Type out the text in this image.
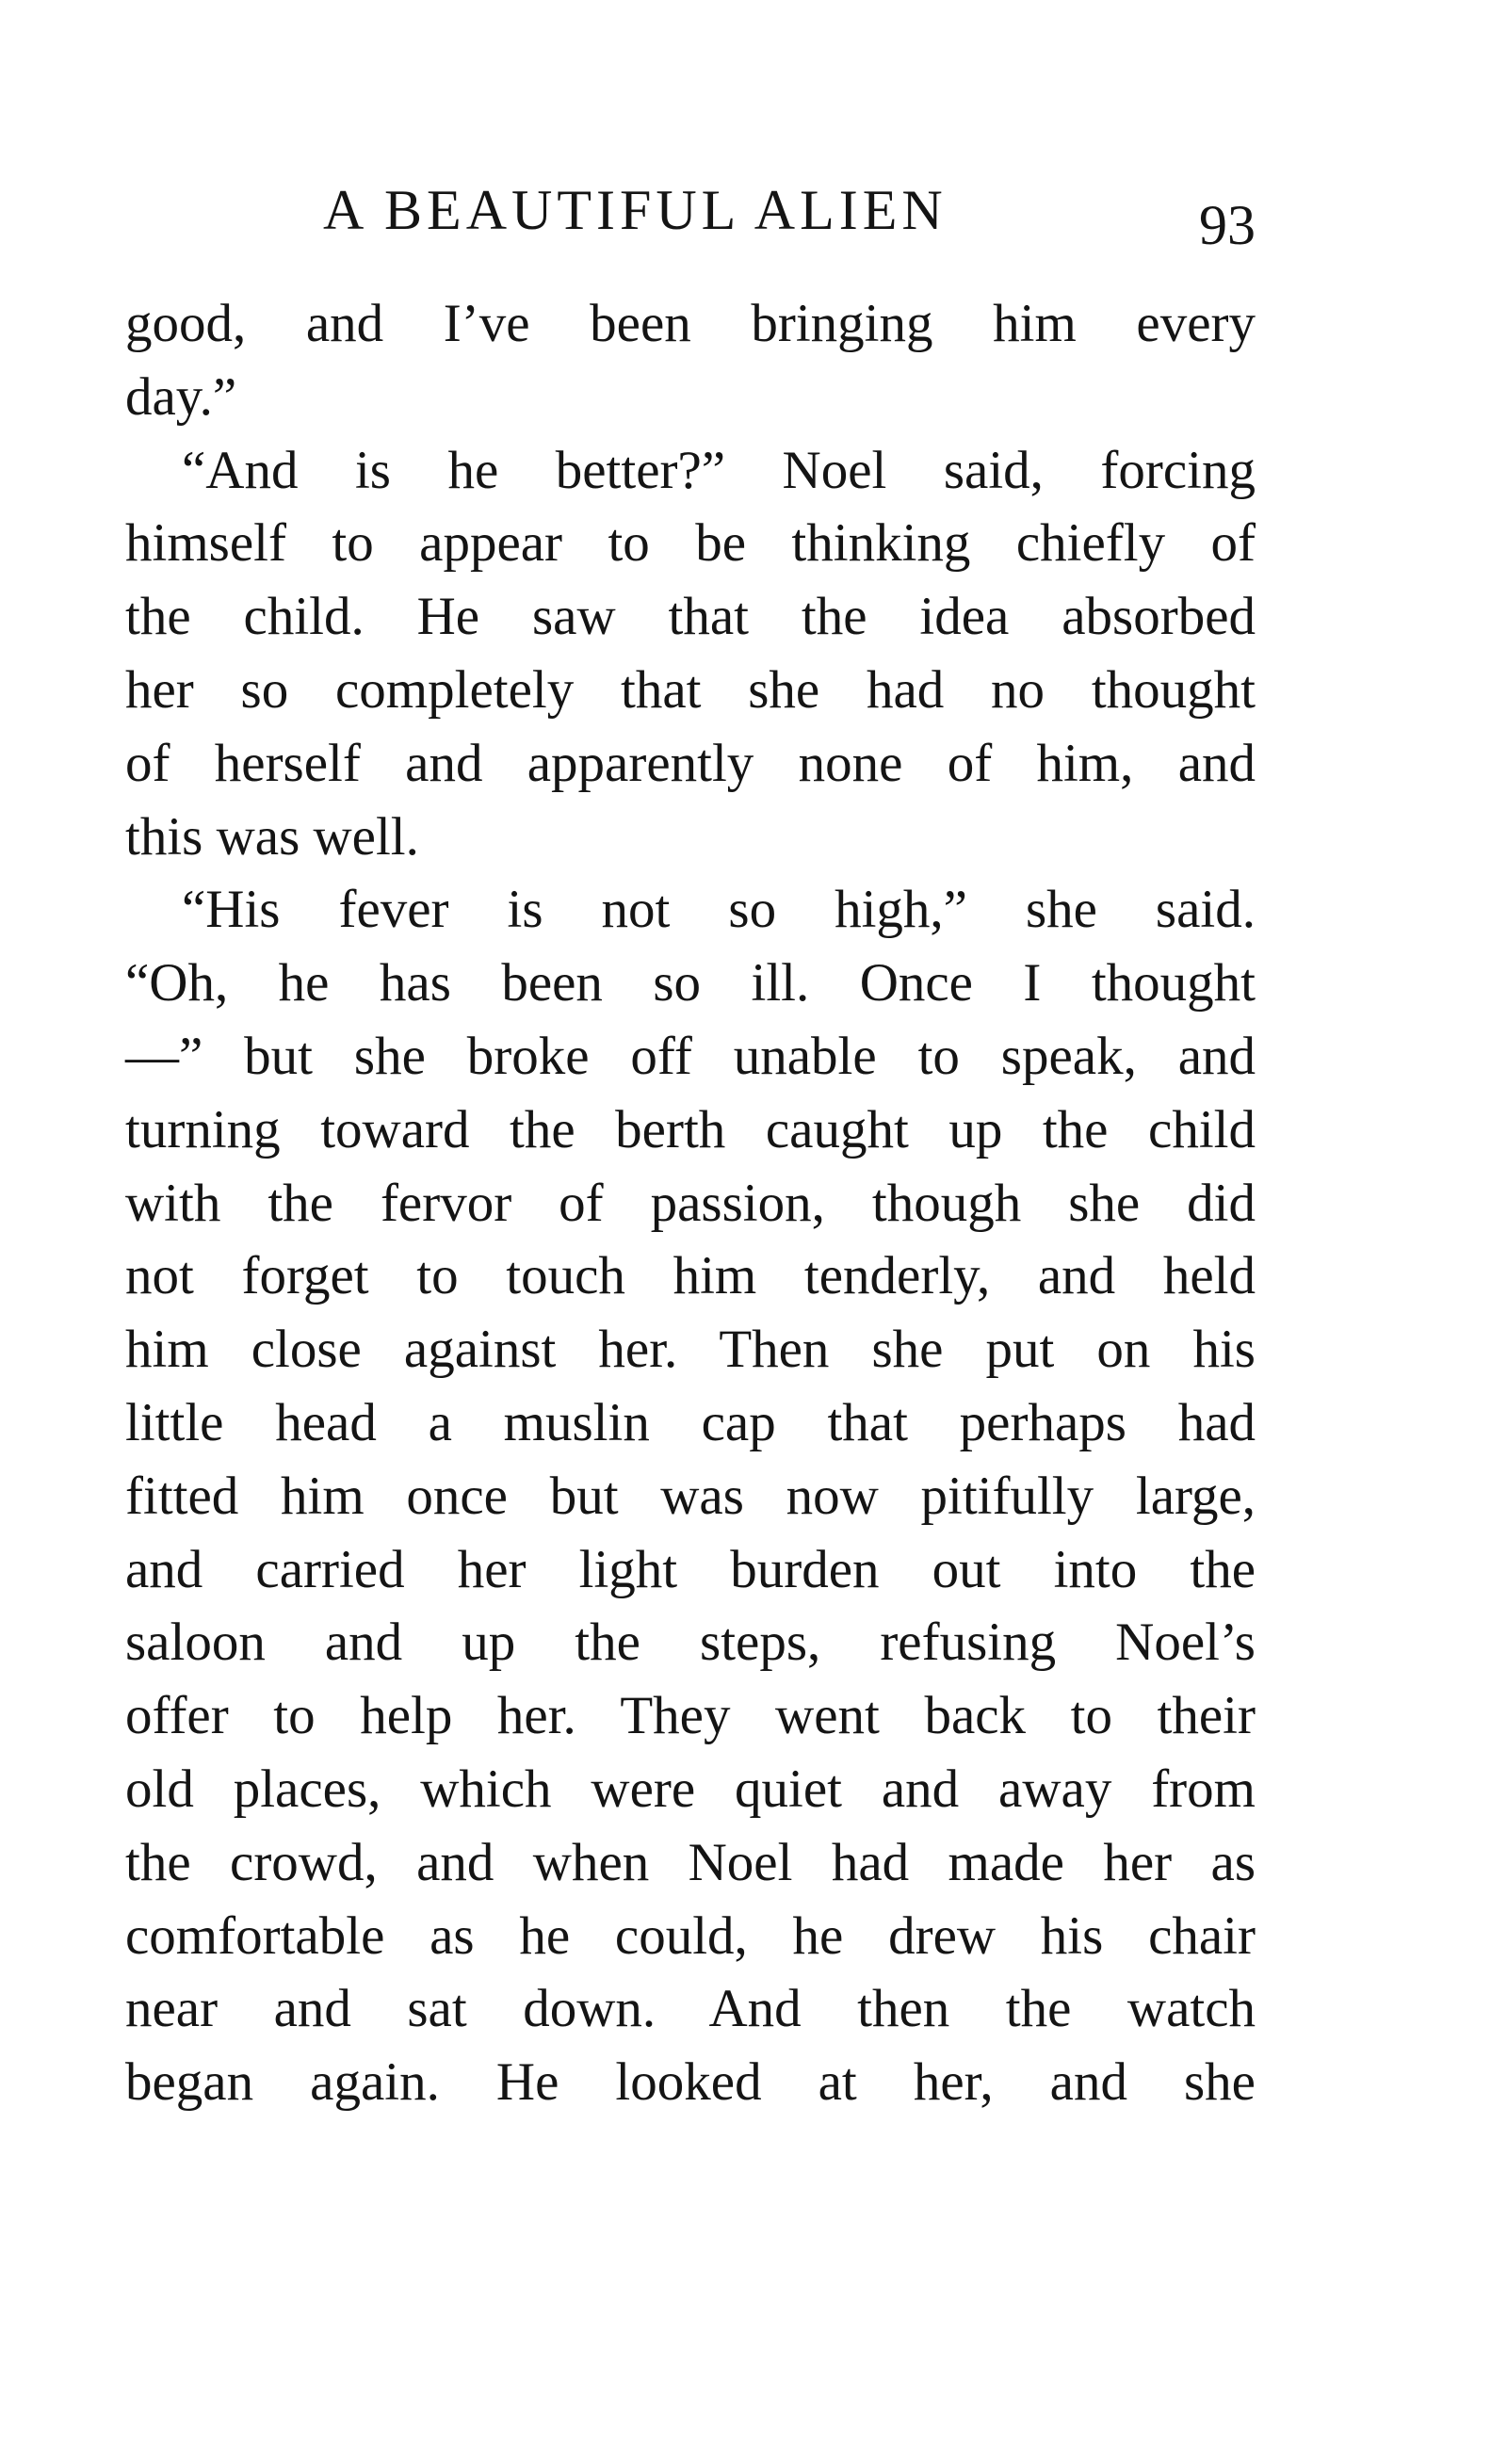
A BEAUTIFUL ALIEN	93
good, and I’ve been bringing him every
day.”
“And is he better?” Noel said, forcing
himself to appear to be thinking chiefly of
the child. He saw that the idea absorbed
her so completely that she had no thought
of herself and apparently none of him, and
this was well.
“His fever is not so high,” she said.
“Oh, he has been so ill. Once I thought
—” but she broke off unable to speak, and
turning toward the berth caught up the child
with the fervor of passion, though she did
not forget to touch him tenderly, and held
him close against her. Then she put on his
little head a muslin cap that perhaps had
fitted him once but was now pitifully large,
and carried her light burden out into the
saloon and up the steps, refusing Noel’s
offer to help her. They went back to their
old places, which were quiet and away from
the crowd, and when Noel had made her as
comfortable as he could, he drew his chair
near and sat down. And then the watch
began again. He looked at her, and she
